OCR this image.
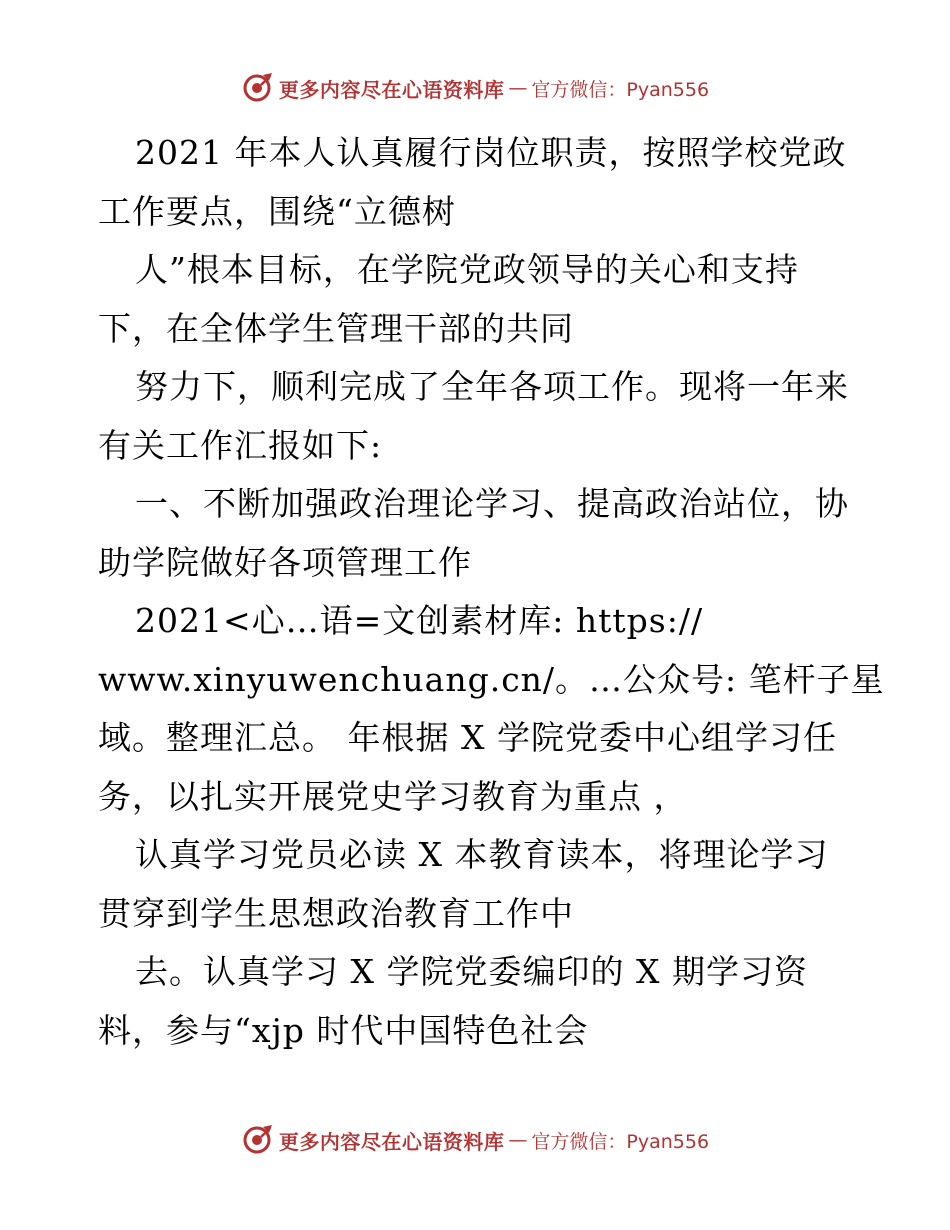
更多内容尽在心语资料库 — 官方微信：Pyan556
2021 年本人认真履行岗位职责，按照学校党政
工作要点，围绕“立德树
人”根本目标，在学院党政领导的关心和支持
下，在全体学生管理干部的共同
努力下，顺利完成了全年各项工作。现将一年来
有关工作汇报如下:
一、不断加强政治理论学习、提高政治站位，协
助学院做好各项管理工作
2021<心…语=文创素材库: https://
www.xinyuwenchuang.cn/。…公众号: 笔杆子星
域。整理汇总。 年根据 X 学院党委中心组学习任
务，以扎实开展党史学习教育为重点 ，
认真学习党员必读 X 本教育读本，将理论学习
贯穿到学生思想政治教育工作中
去。认真学习 X 学院党委编印的 X 期学习资
料，参与“xjp 时代中国特色社会
更多内容尽在心语资料库 — 官方微信：Pyan556
